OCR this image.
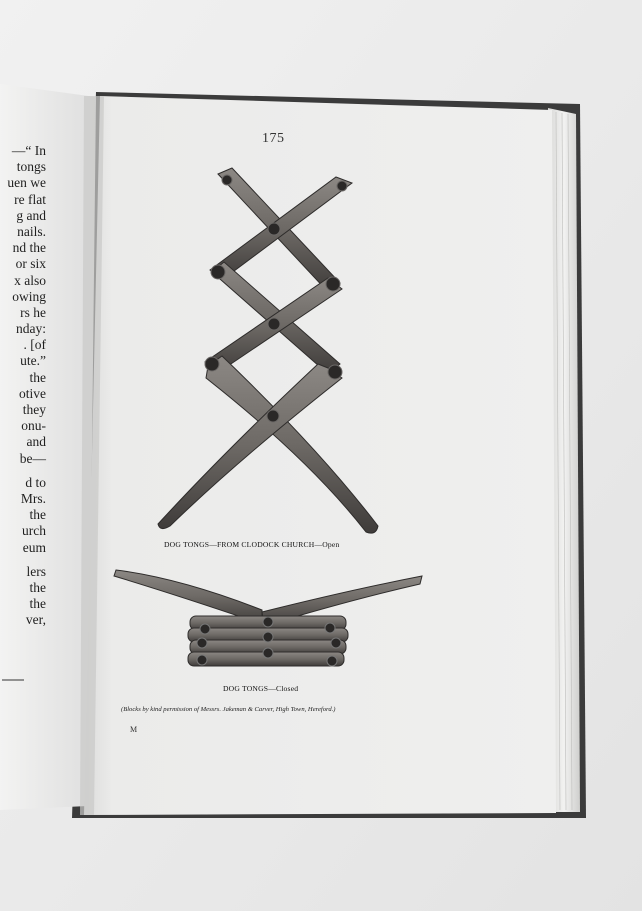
—“ In
tongs
uen we
re flat
g and
nails.
nd the
or six
x also
owing
rs he
nday:
. [of
ute.”
the
otive
they
onu-
and
be—
d to
Mrs.
the
urch
eum
lers
the
the
ver,
175
DOG TONGS—FROM CLODOCK CHURCH—Open
DOG TONGS—Closed
(Blocks by kind permission of Messrs. Jakeman & Carver, High Town, Hereford.)
M
